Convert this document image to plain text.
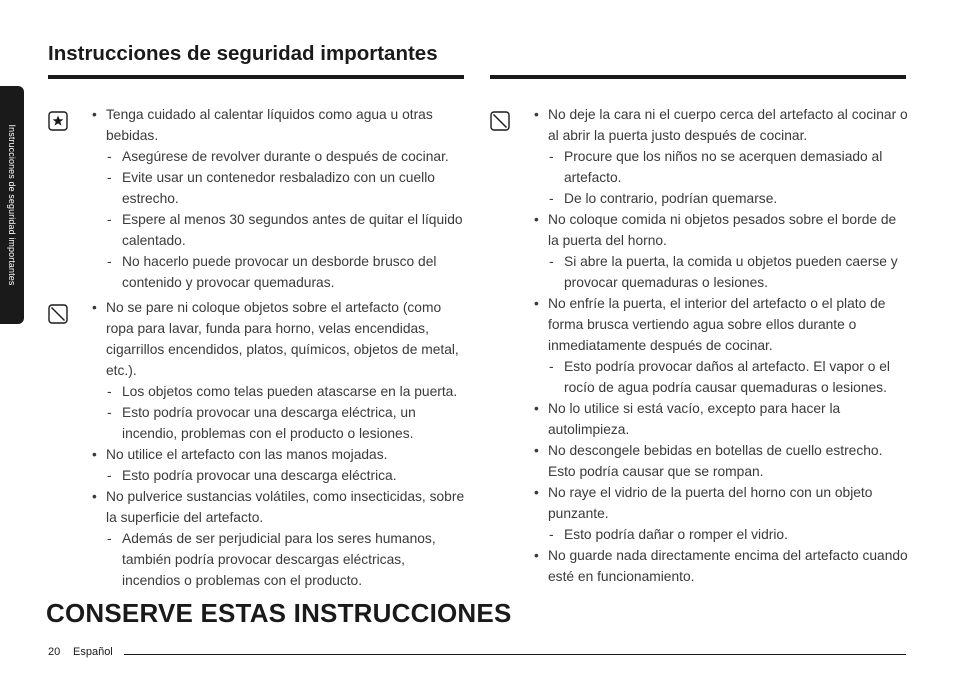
Instrucciones de seguridad importantes
Instrucciones de seguridad importantes
• Tenga cuidado al calentar líquidos como agua u otras bebidas.
- Asegúrese de revolver durante o después de cocinar.
- Evite usar un contenedor resbaladizo con un cuello estrecho.
- Espere al menos 30 segundos antes de quitar el líquido calentado.
- No hacerlo puede provocar un desborde brusco del contenido y provocar quemaduras.
• No se pare ni coloque objetos sobre el artefacto (como ropa para lavar, funda para horno, velas encendidas, cigarrillos encendidos, platos, químicos, objetos de metal, etc.).
- Los objetos como telas pueden atascarse en la puerta.
- Esto podría provocar una descarga eléctrica, un incendio, problemas con el producto o lesiones.
• No utilice el artefacto con las manos mojadas.
- Esto podría provocar una descarga eléctrica.
• No pulverice sustancias volátiles, como insecticidas, sobre la superficie del artefacto.
- Además de ser perjudicial para los seres humanos, también podría provocar descargas eléctricas, incendios o problemas con el producto.
• No deje la cara ni el cuerpo cerca del artefacto al cocinar o al abrir la puerta justo después de cocinar.
- Procure que los niños no se acerquen demasiado al artefacto.
- De lo contrario, podrían quemarse.
• No coloque comida ni objetos pesados sobre el borde de la puerta del horno.
- Si abre la puerta, la comida u objetos pueden caerse y provocar quemaduras o lesiones.
• No enfríe la puerta, el interior del artefacto o el plato de forma brusca vertiendo agua sobre ellos durante o inmediatamente después de cocinar.
- Esto podría provocar daños al artefacto. El vapor o el rocío de agua podría causar quemaduras o lesiones.
• No lo utilice si está vacío, excepto para hacer la autolimpieza.
• No descongele bebidas en botellas de cuello estrecho. Esto podría causar que se rompan.
• No raye el vidrio de la puerta del horno con un objeto punzante.
- Esto podría dañar o romper el vidrio.
• No guarde nada directamente encima del artefacto cuando esté en funcionamiento.
CONSERVE ESTAS INSTRUCCIONES
20 Español
